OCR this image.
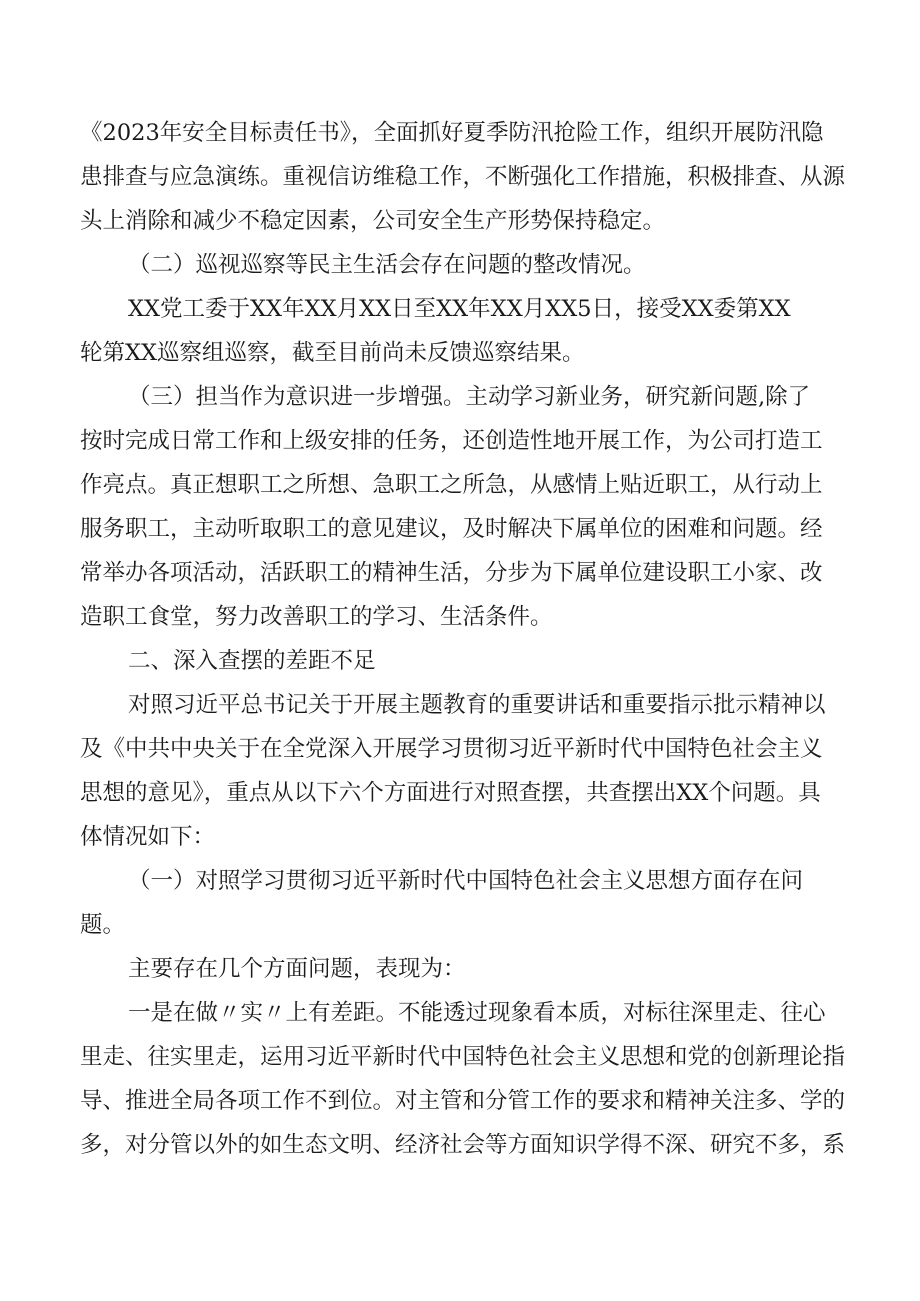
《2023年安全目标责任书》，全面抓好夏季防汛抢险工作，组织开展防汛隐
患排查与应急演练。重视信访维稳工作，不断强化工作措施，积极排查、从源
头上消除和减少不稳定因素，公司安全生产形势保持稳定。
（二）巡视巡察等民主生活会存在问题的整改情况。
XX党工委于XX年XX月XX日至XX年XX月XX5日，接受XX委第XX
轮第XX巡察组巡察，截至目前尚未反馈巡察结果。
（三）担当作为意识进一步增强。主动学习新业务，研究新问题,除了
按时完成日常工作和上级安排的任务，还创造性地开展工作，为公司打造工
作亮点。真正想职工之所想、急职工之所急，从感情上贴近职工，从行动上
服务职工，主动听取职工的意见建议，及时解决下属单位的困难和问题。经
常举办各项活动，活跃职工的精神生活，分步为下属单位建设职工小家、改
造职工食堂，努力改善职工的学习、生活条件。
二、深入查摆的差距不足
对照习近平总书记关于开展主题教育的重要讲话和重要指示批示精神以
及《中共中央关于在全党深入开展学习贯彻习近平新时代中国特色社会主义
思想的意见》，重点从以下六个方面进行对照查摆，共查摆出XX个问题。具
体情况如下：
（一）对照学习贯彻习近平新时代中国特色社会主义思想方面存在问
题。
主要存在几个方面问题，表现为：
一是在做〃实〃上有差距。不能透过现象看本质，对标往深里走、往心
里走、往实里走，运用习近平新时代中国特色社会主义思想和党的创新理论指
导、推进全局各项工作不到位。对主管和分管工作的要求和精神关注多、学的
多，对分管以外的如生态文明、经济社会等方面知识学得不深、研究不多，系
